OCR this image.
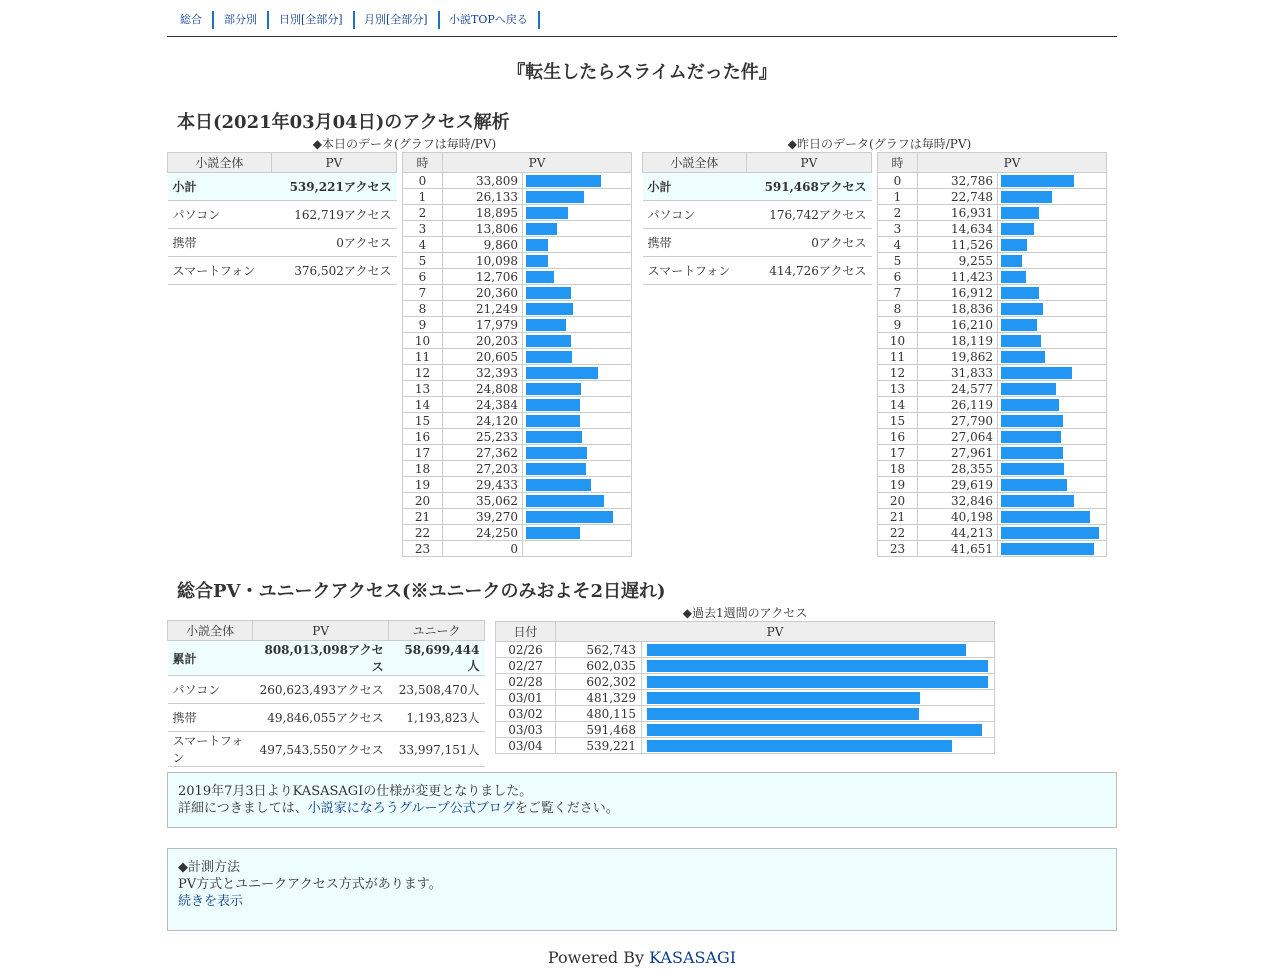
総合	部分別	日別[全部分]	月別[全部分]	小説TOPへ戻る
『転生したらスライムだった件』
本日(2021年03月04日)のアクセス解析
◆本日のデータ(グラフは毎時/PV)	◆昨日のデータ(グラフは毎時/PV)
小説全体	PV
小計	539,221アクセス
パソコン	162,719アクセス
携帯	0アクセス
スマートフォン	376,502アクセス
時	PV	
0	33,809	

1	26,133	

2	18,895	

3	13,806	

4	9,860	

5	10,098	

6	12,706	

7	20,360	

8	21,249	

9	17,979	

10	20,203	

11	20,605	

12	32,393	

13	24,808	

14	24,384	

15	24,120	

16	25,233	

17	27,362	

18	27,203	

19	29,433	

20	35,062	

21	39,270	

22	24,250	

23	0	
小説全体	PV
小計	591,468アクセス
パソコン	176,742アクセス
携帯	0アクセス
スマートフォン	414,726アクセス
時	PV	
0	32,786	

1	22,748	

2	16,931	

3	14,634	

4	11,526	

5	9,255	

6	11,423	

7	16,912	

8	18,836	

9	16,210	

10	18,119	

11	19,862	

12	31,833	

13	24,577	

14	26,119	

15	27,790	

16	27,064	

17	27,961	

18	28,355	

19	29,619	

20	32,846	

21	40,198	

22	44,213	

23	41,651	
総合PV・ユニークアクセス(※ユニークのみおよそ2日遅れ)
小説全体	PV	ユニーク
累計	808,013,098アクセス	58,699,444人
パソコン	260,623,493アクセス	23,508,470人
携帯	49,846,055アクセス	1,193,823人
スマートフォン	497,543,550アクセス	33,997,151人
◆過去1週間のアクセス
日付	PV	
02/26	562,743	

02/27	602,035	

02/28	602,302	

03/01	481,329	

03/02	480,115	

03/03	591,468	

03/04	539,221	
2019年7月3日よりKASASAGIの仕様が変更となりました。
詳細につきましては、小説家になろうグループ公式ブログをご覧ください。
◆計測方法
PV方式とユニークアクセス方式があります。
続きを表示
Powered By KASASAGI
